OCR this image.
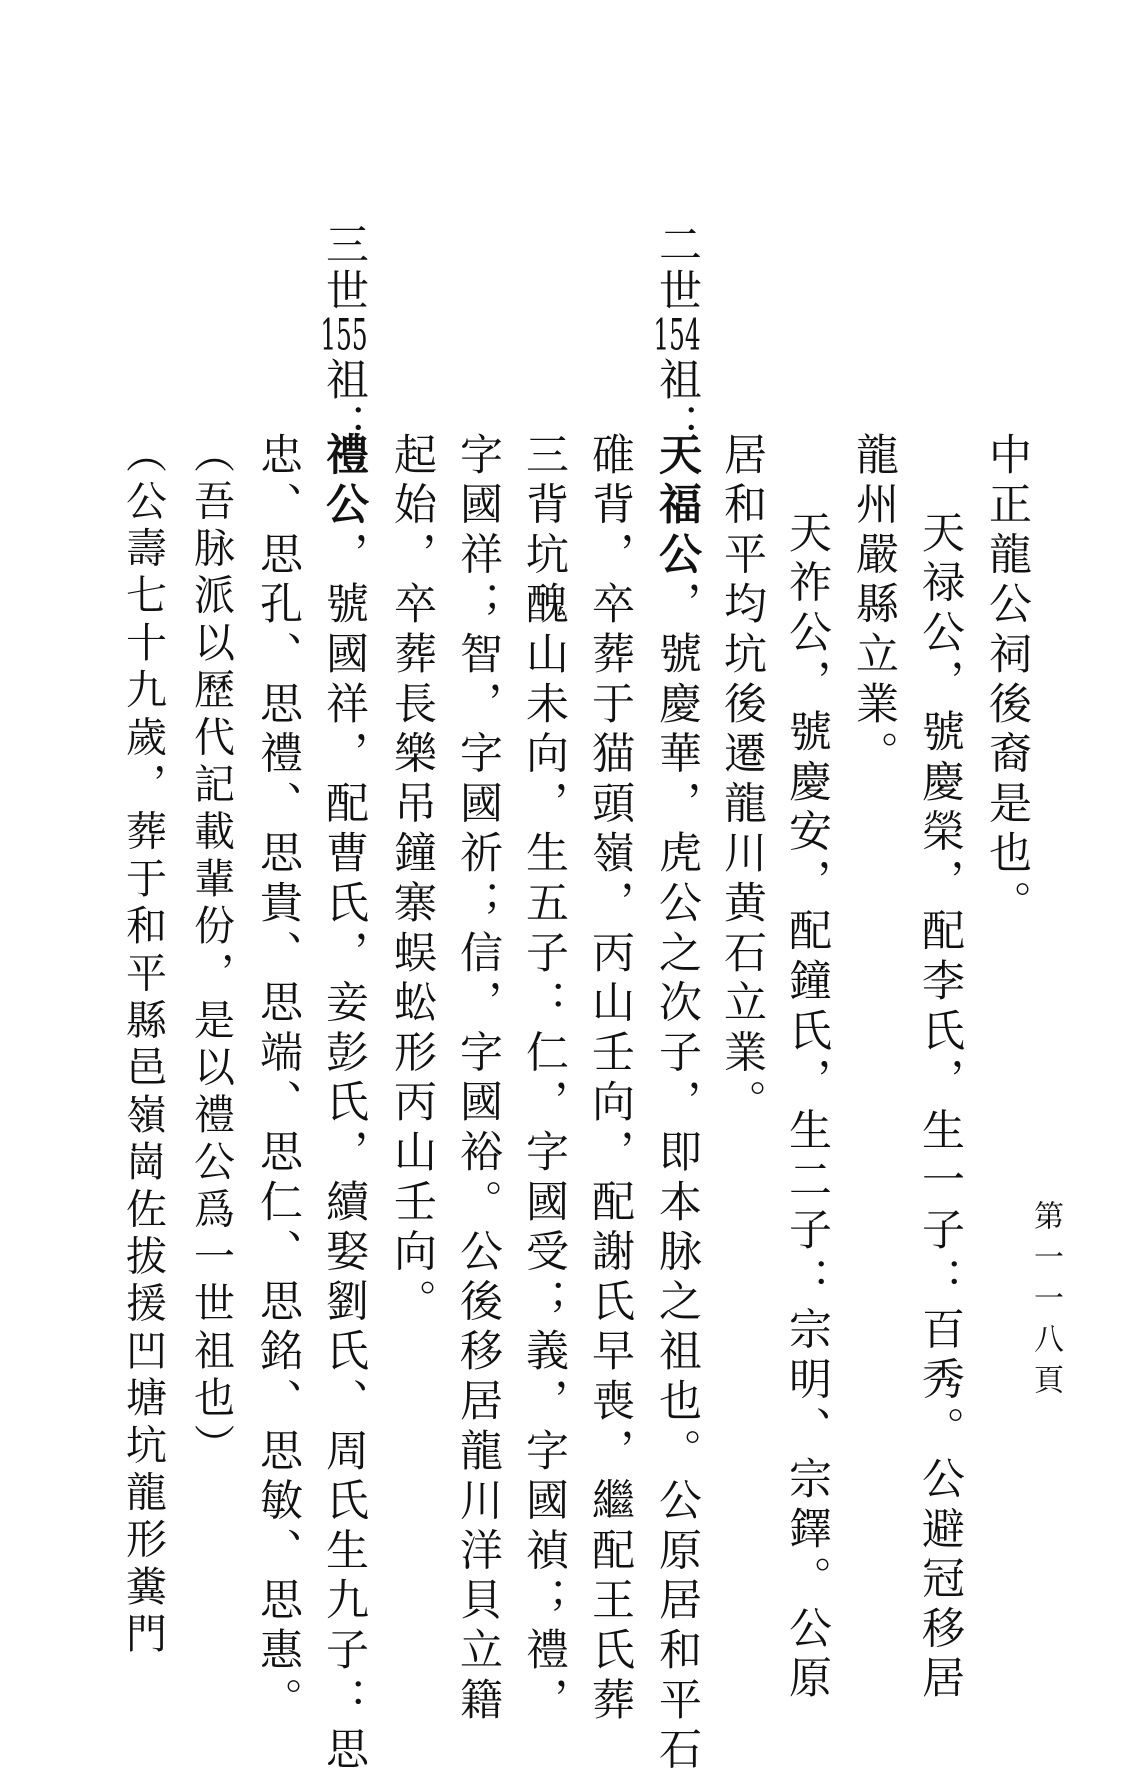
第一一八頁

中正龍公祠後裔是也。

天禄公，號慶榮，配李氏，生一子：百秀。公避冠移居

龍州嚴縣立業。

天祚公，號慶安，配鐘氏，生二子：宗明、宗鐸。公原

居和平均坑後遷龍川黄石立業。

二世154祖：

天福公，號慶華，虎公之次子，即本脉之祖也。公原居和平石

碓背，卒葬于猫頭嶺，丙山壬向，配謝氏早喪，繼配王氏葬

三背坑醜山未向，生五子：仁，字國受；義，字國禎；禮，

字國祥；智，字國祈；信，字國裕。公後移居龍川洋貝立籍

起始，卒葬長樂吊鐘寨蜈蚣形丙山壬向。

三世155祖：

禮公，號國祥，配曹氏，妾彭氏，續娶劉氏、周氏生九子：思

忠、思孔、思禮、思貴、思端、思仁、思銘、思敏、思惠。

（吾脉派以歷代記載輩份，是以禮公爲一世祖也）

（公壽七十九歲，葬于和平縣邑嶺崗佐拔援凹塘坑龍形糞門
